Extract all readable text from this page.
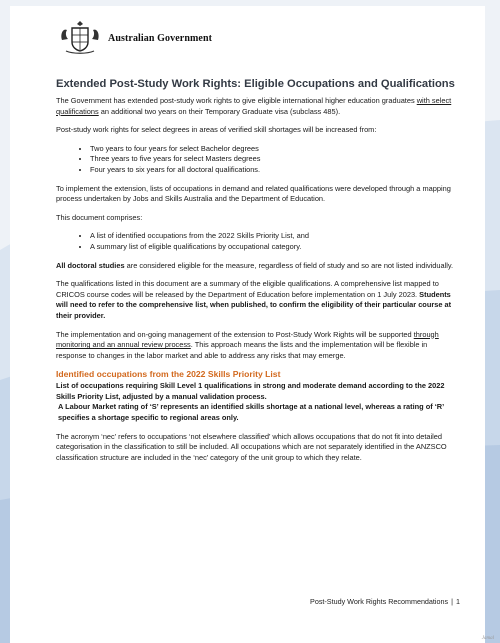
Australian Government
Extended Post-Study Work Rights: Eligible Occupations and Qualifications

The Government has extended post-study work rights to give eligible international higher education graduates with select qualifications an additional two years on their Temporary Graduate visa (subclass 485).

Post-study work rights for select degrees in areas of verified skill shortages will be increased from:

• Two years to four years for select Bachelor degrees
• Three years to five years for select Masters degrees
• Four years to six years for all doctoral qualifications.

To implement the extension, lists of occupations in demand and related qualifications were developed through a mapping process undertaken by Jobs and Skills Australia and the Department of Education.

This document comprises:

• A list of identified occupations from the 2022 Skills Priority List, and
• A summary list of eligible qualifications by occupational category.

All doctoral studies are considered eligible for the measure, regardless of field of study and so are not listed individually.

The qualifications listed in this document are a summary of the eligible qualifications. A comprehensive list mapped to CRICOS course codes will be released by the Department of Education before implementation on 1 July 2023. Students will need to refer to the comprehensive list, when published, to confirm the eligibility of their particular course at their provider.

The implementation and on-going management of the extension to Post-Study Work Rights will be supported through monitoring and an annual review process. This approach means the lists and the implementation will be flexible in response to changes in the labor market and able to address any risks that may emerge.

Identified occupations from the 2022 Skills Priority List
List of occupations requiring Skill Level 1 qualifications in strong and moderate demand according to the 2022 Skills Priority List, adjusted by a manual validation process.

A Labour Market rating of ‘S’ represents an identified skills shortage at a national level, whereas a rating of ‘R’ specifies a shortage specific to regional areas only.

The acronym ‘nec’ refers to occupations ‘not elsewhere classified’ which allows occupations that do not fit into detailed categorisation in the classification to still be included. All occupations which are not separately identified in the ANZSCO classification structure are included in the ‘nec’ category of the unit group to which they relate.

Post-Study Work Rights Recommendations | 1
Jamal
